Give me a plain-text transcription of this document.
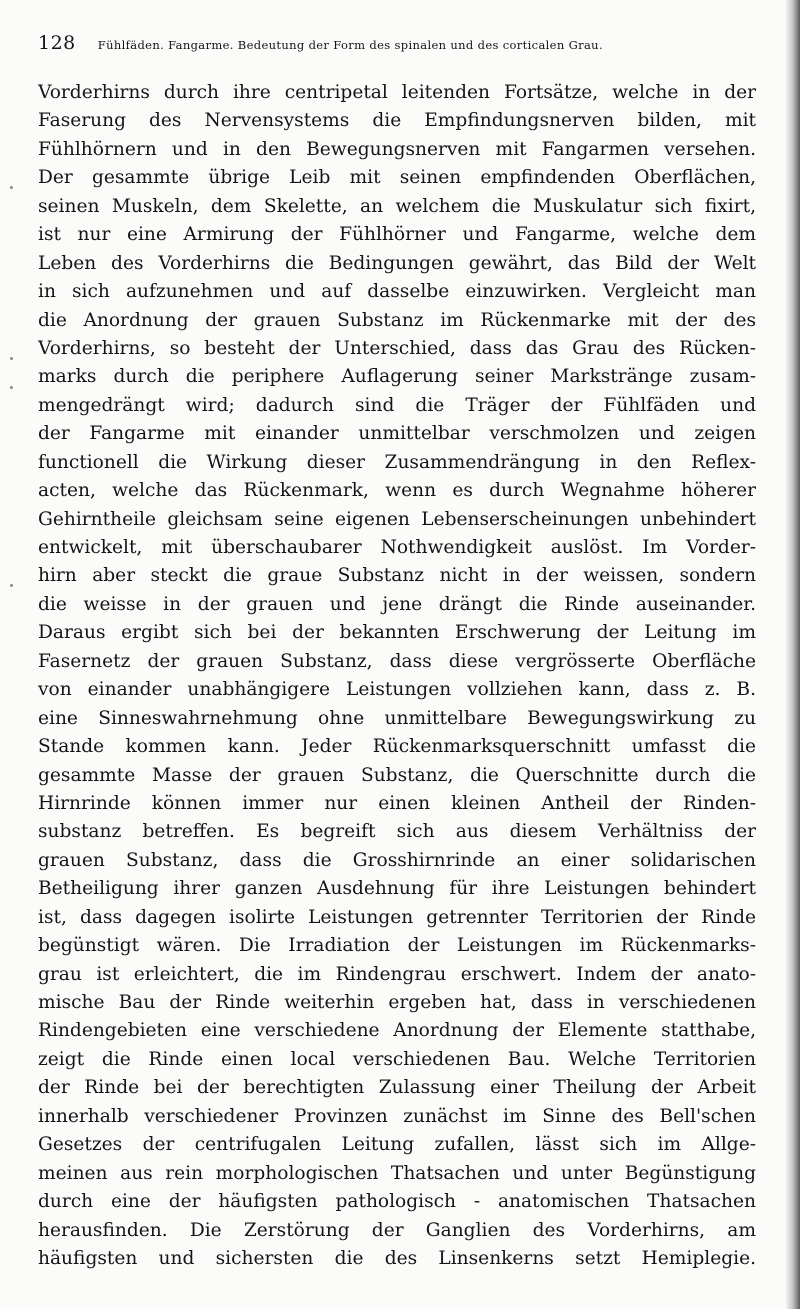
128 Fühlfäden. Fangarme. Bedeutung der Form des spinalen und des corticalen Grau.
Vorderhirns durch ihre centripetal leitenden Fortsätze, welche in der
Faserung des Nervensystems die Empfindungsnerven bilden, mit
Fühlhörnern und in den Bewegungsnerven mit Fangarmen versehen.
Der gesammte übrige Leib mit seinen empfindenden Oberflächen,
seinen Muskeln, dem Skelette, an welchem die Muskulatur sich fixirt,
ist nur eine Armirung der Fühlhörner und Fangarme, welche dem
Leben des Vorderhirns die Bedingungen gewährt, das Bild der Welt
in sich aufzunehmen und auf dasselbe einzuwirken. Vergleicht man
die Anordnung der grauen Substanz im Rückenmarke mit der des
Vorderhirns, so besteht der Unterschied, dass das Grau des Rücken-
marks durch die periphere Auflagerung seiner Markstränge zusam-
mengedrängt wird; dadurch sind die Träger der Fühlfäden und
der Fangarme mit einander unmittelbar verschmolzen und zeigen
functionell die Wirkung dieser Zusammendrängung in den Reflex-
acten, welche das Rückenmark, wenn es durch Wegnahme höherer
Gehirntheile gleichsam seine eigenen Lebenserscheinungen unbehindert
entwickelt, mit überschaubarer Nothwendigkeit auslöst. Im Vorder-
hirn aber steckt die graue Substanz nicht in der weissen, sondern
die weisse in der grauen und jene drängt die Rinde auseinander.
Daraus ergibt sich bei der bekannten Erschwerung der Leitung im
Fasernetz der grauen Substanz, dass diese vergrösserte Oberfläche
von einander unabhängigere Leistungen vollziehen kann, dass z. B.
eine Sinneswahrnehmung ohne unmittelbare Bewegungswirkung zu
Stande kommen kann. Jeder Rückenmarksquerschnitt umfasst die
gesammte Masse der grauen Substanz, die Querschnitte durch die
Hirnrinde können immer nur einen kleinen Antheil der Rinden-
substanz betreffen. Es begreift sich aus diesem Verhältniss der
grauen Substanz, dass die Grosshirnrinde an einer solidarischen
Betheiligung ihrer ganzen Ausdehnung für ihre Leistungen behindert
ist, dass dagegen isolirte Leistungen getrennter Territorien der Rinde
begünstigt wären. Die Irradiation der Leistungen im Rückenmarks-
grau ist erleichtert, die im Rindengrau erschwert. Indem der anato-
mische Bau der Rinde weiterhin ergeben hat, dass in verschiedenen
Rindengebieten eine verschiedene Anordnung der Elemente statthabe,
zeigt die Rinde einen local verschiedenen Bau. Welche Territorien
der Rinde bei der berechtigten Zulassung einer Theilung der Arbeit
innerhalb verschiedener Provinzen zunächst im Sinne des Bell'schen
Gesetzes der centrifugalen Leitung zufallen, lässt sich im Allge-
meinen aus rein morphologischen Thatsachen und unter Begünstigung
durch eine der häufigsten pathologisch - anatomischen Thatsachen
herausfinden. Die Zerstörung der Ganglien des Vorderhirns, am
häufigsten und sichersten die des Linsenkerns setzt Hemiplegie.
